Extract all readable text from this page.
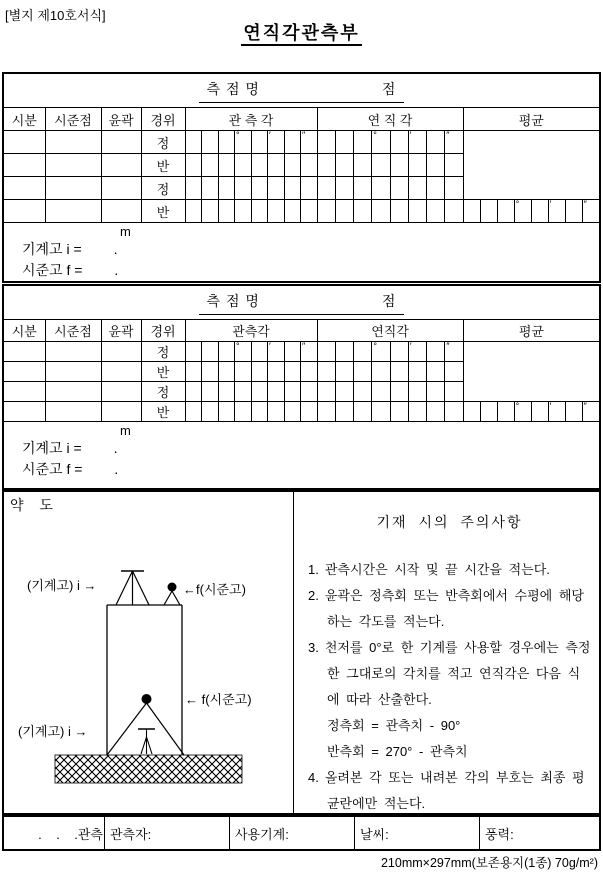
[별지 제10호서식]
연직각관측부
측 점 명	점
시분	시준점	윤곽	경위	관 측 각								연 직 각								평균							
			정				°		′		″				°		′		″								

			반																								
			정																								
			반																				°		′		″
m
기계고 i = .
시준고 f = .
측 점 명	점
시분	시준점	윤곽	경위	관측각								연직각								평균							
			정				°		′		″				°		′		″								

			반																								
			정																								
			반																				°		′		″
m
기계고 i = .
시준고 f = .
약 도
(기계고) i →	←f(시준고)
← f(시준고)
(기계고) i →
기재 시의 주의사항
1. 관측시간은 시작 및 끝 시간을 적는다.
2. 윤곽은 정측회 또는 반측회에서 수평에 해당하는 각도를 적는다.
3. 천저를 0°로 한 기계를 사용할 경우에는 측정한 그대로의 각치를 적고 연직각은 다음 식에 따라 산출한다.
정측회 = 관측치 - 90°
반측회 = 270° - 관측치
4. 올려본 각 또는 내려본 각의 부호는 최종 평균란에만 적는다.
.    .    .관측 관측자:	사용기계:	날씨:	풍력:
210mm×297mm(보존용지(1종) 70g/m²)
